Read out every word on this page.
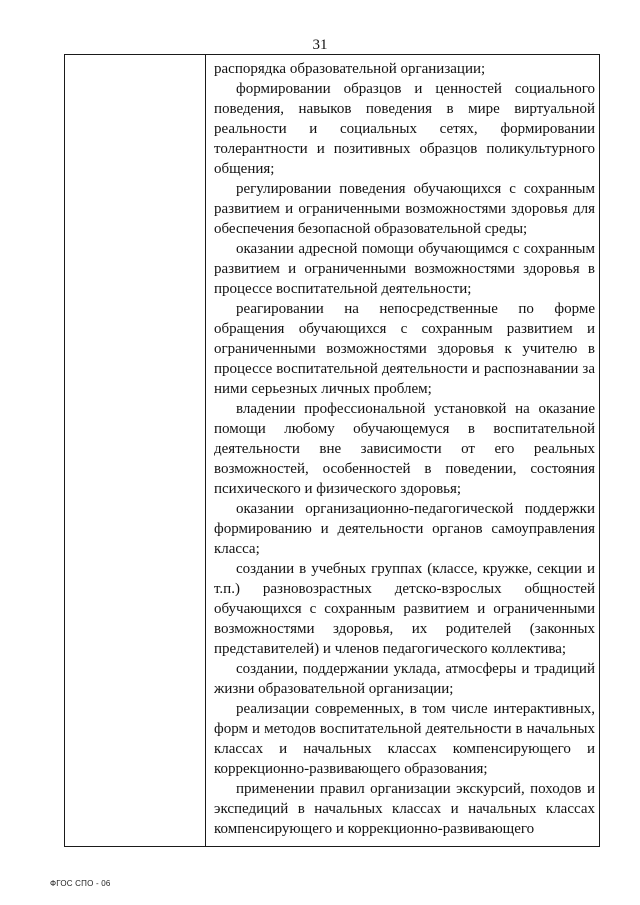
31

распорядка образовательной организации;

формировании образцов и ценностей социального поведения, навыков поведения в мире виртуальной реальности и социальных сетях, формировании толерантности и позитивных образцов поликультурного общения;

регулировании поведения обучающихся с сохранным развитием и ограниченными возможностями здоровья для обеспечения безопасной образовательной среды;

оказании адресной помощи обучающимся с сохранным развитием и ограниченными возможностями здоровья в процессе воспитательной деятельности;

реагировании на непосредственные по форме обращения обучающихся с сохранным развитием и ограниченными возможностями здоровья к учителю в процессе воспитательной деятельности и распознавании за ними серьезных личных проблем;

владении профессиональной установкой на оказание помощи любому обучающемуся в воспитательной деятельности вне зависимости от его реальных возможностей, особенностей в поведении, состояния психического и физического здоровья;

оказании организационно-педагогической поддержки формированию и деятельности органов самоуправления класса;

создании в учебных группах (классе, кружке, секции и т.п.) разновозрастных детско-взрослых общностей обучающихся с сохранным развитием и ограниченными возможностями здоровья, их родителей (законных представителей) и членов педагогического коллектива;

создании, поддержании уклада, атмосферы и традиций жизни образовательной организации;

реализации современных, в том числе интерактивных, форм и методов воспитательной деятельности в начальных классах и начальных классах компенсирующего и коррекционно-развивающего образования;

применении правил организации экскурсий, походов и экспедиций в начальных классах и начальных классах компенсирующего и коррекционно-развивающего

ФГОС СПО - 06
